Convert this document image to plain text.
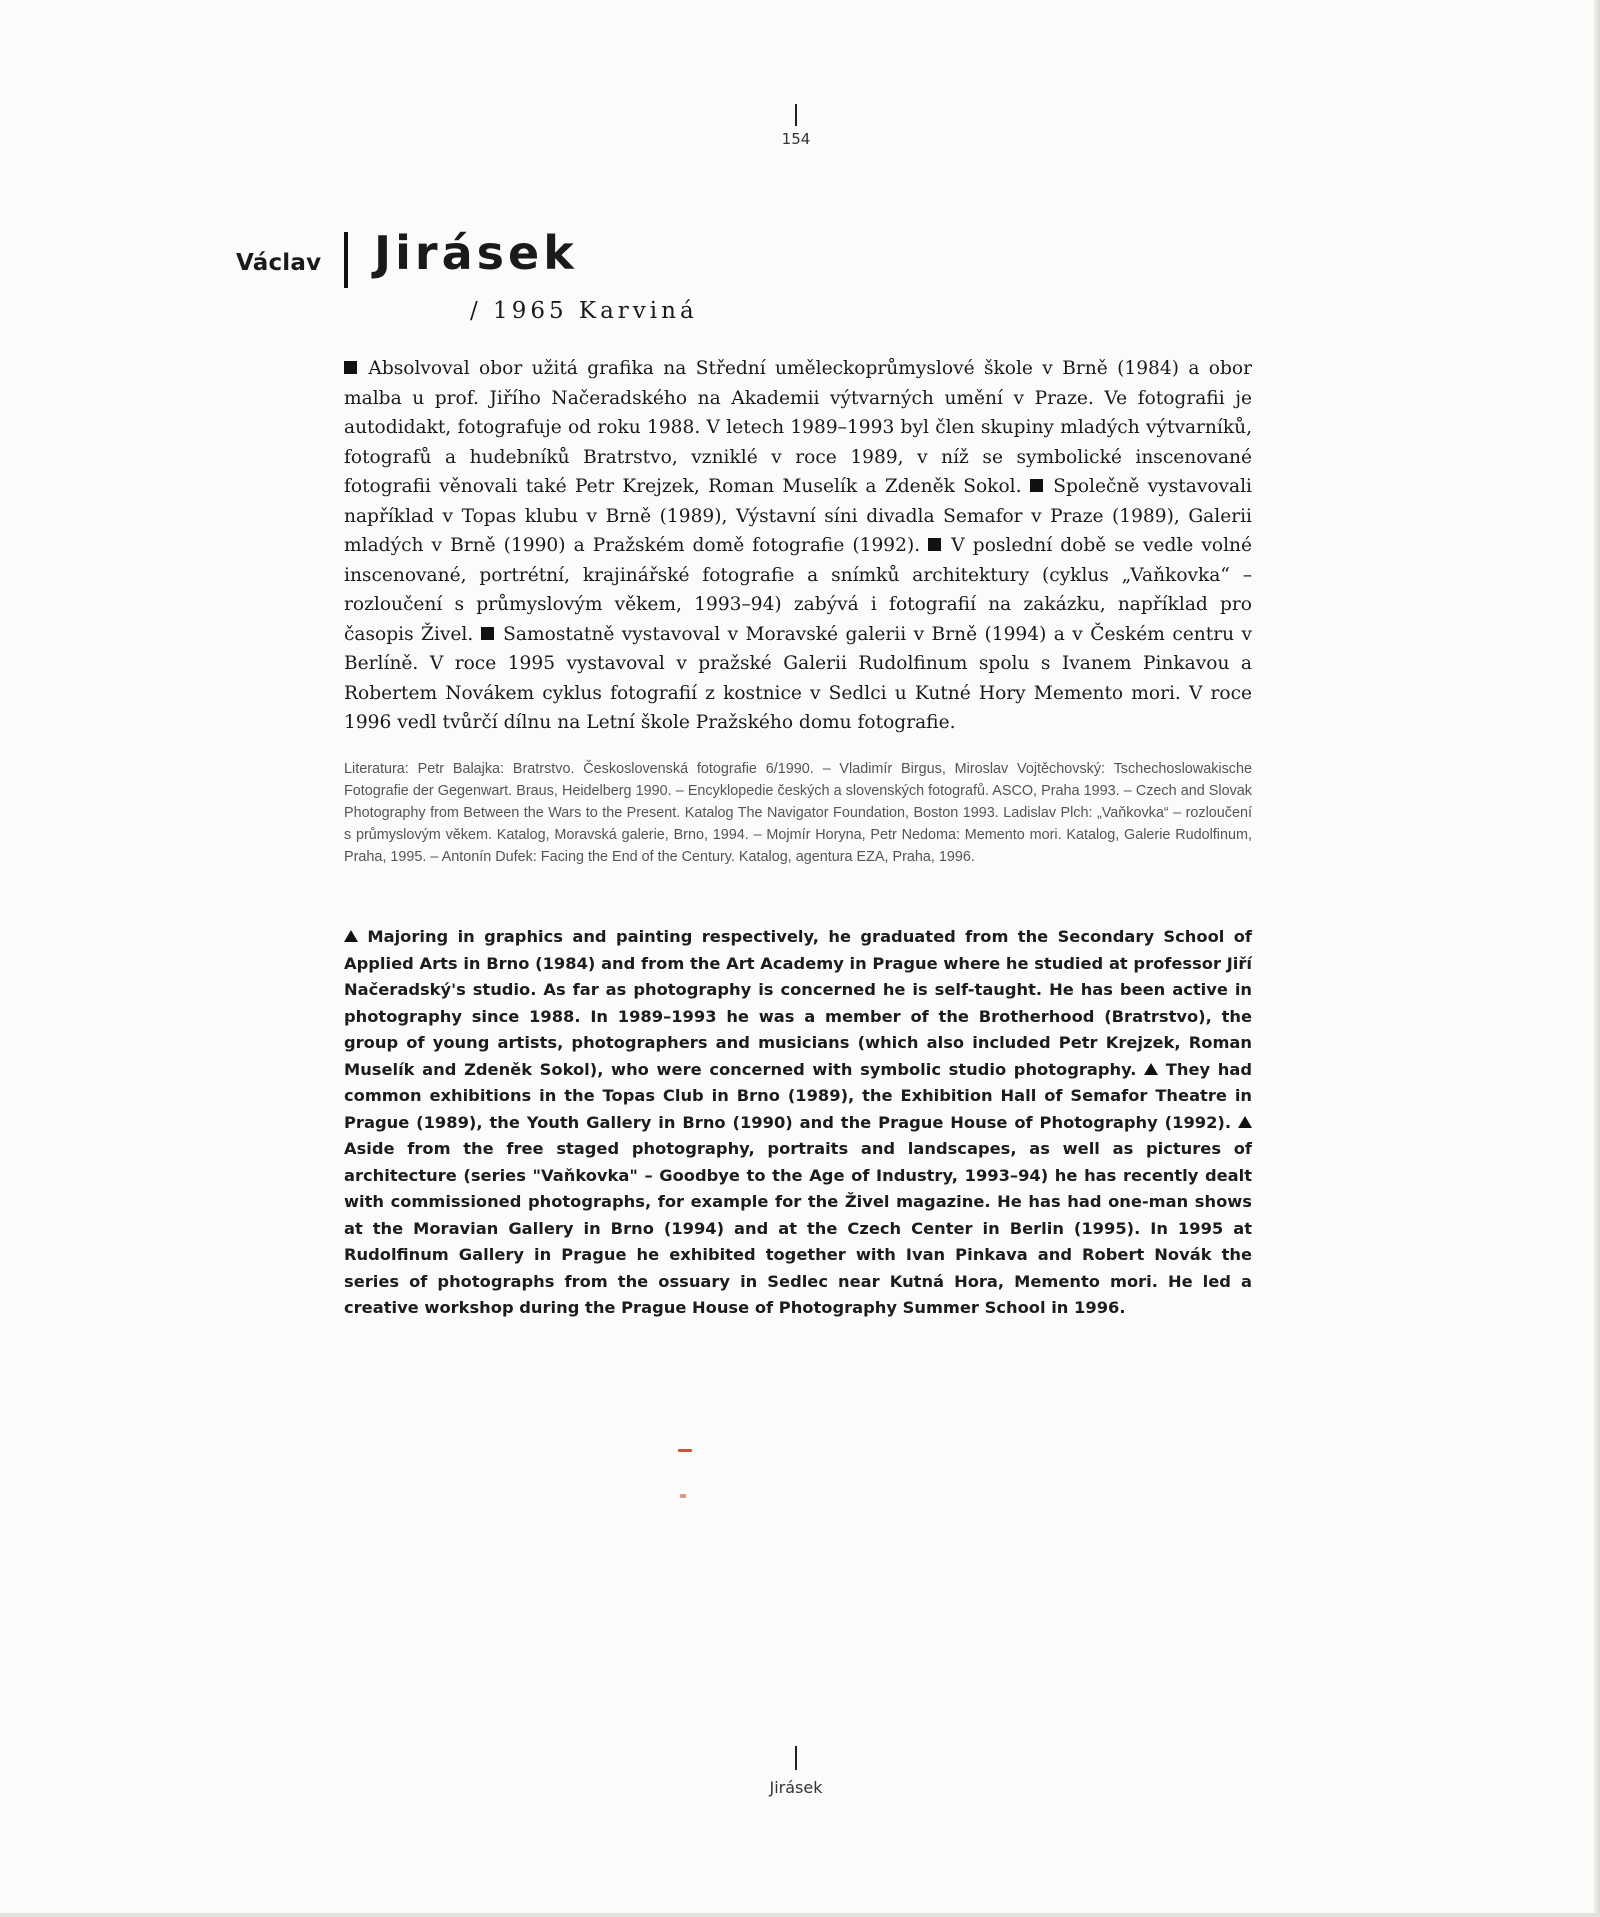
154
Václav Jirásek
/ 1965 Karviná

Absolvoval obor užitá grafika na Střední uměleckoprůmyslové škole v Brně (1984) a obor malba u prof. Jiřího Načeradského na Akademii výtvarných umění v Praze. Ve fotografii je autodidakt, fotografuje od roku 1988. V letech 1989–1993 byl člen skupiny mladých výtvarníků, fotografů a hudebníků Bratrstvo, vzniklé v roce 1989, v níž se symbolické inscenované fotografii věnovali také Petr Krejzek, Roman Muselík a Zdeněk Sokol. Společně vystavovali například v Topas klubu v Brně (1989), Výstavní síni divadla Semafor v Praze (1989), Galerii mladých v Brně (1990) a Pražském domě fotografie (1992). V poslední době se vedle volné inscenované, portrétní, krajinářské fotografie a snímků architektury (cyklus „Vaňkovka“ – rozloučení s průmyslovým věkem, 1993–94) zabývá i fotografií na zakázku, například pro časopis Živel. Samostatně vystavoval v Moravské galerii v Brně (1994) a v Českém centru v Berlíně. V roce 1995 vystavoval v pražské Galerii Rudolfinum spolu s Ivanem Pinkavou a Robertem Novákem cyklus fotografií z kostnice v Sedlci u Kutné Hory Memento mori. V roce 1996 vedl tvůrčí dílnu na Letní škole Pražského domu fotografie.

Literatura: Petr Balajka: Bratrstvo. Československá fotografie 6/1990. – Vladimír Birgus, Miroslav Vojtěchovský: Tschechoslowakische Fotografie der Gegenwart. Braus, Heidelberg 1990. – Encyklopedie českých a slovenských fotografů. ASCO, Praha 1993. – Czech and Slovak Photography from Between the Wars to the Present. Katalog The Navigator Foundation, Boston 1993. Ladislav Plch: „Vaňkovka“ – rozloučení s průmyslovým věkem. Katalog, Moravská galerie, Brno, 1994. – Mojmír Horyna, Petr Nedoma: Memento mori. Katalog, Galerie Rudolfinum, Praha, 1995. – Antonín Dufek: Facing the End of the Century. Katalog, agentura EZA, Praha, 1996.

Majoring in graphics and painting respectively, he graduated from the Secondary School of Applied Arts in Brno (1984) and from the Art Academy in Prague where he studied at professor Jiří Načeradský's studio. As far as photography is concerned he is self-taught. He has been active in photography since 1988. In 1989–1993 he was a member of the Brotherhood (Bratrstvo), the group of young artists, photographers and musicians (which also included Petr Krejzek, Roman Muselík and Zdeněk Sokol), who were concerned with symbolic studio photography. They had common exhibitions in the Topas Club in Brno (1989), the Exhibition Hall of Semafor Theatre in Prague (1989), the Youth Gallery in Brno (1990) and the Prague House of Photography (1992).  Aside from the free staged photography, portraits and landscapes, as well as pictures of architecture (series "Vaňkovka" – Goodbye to the Age of Industry, 1993–94) he has recently dealt with commissioned photographs, for example for the Živel magazine. He has had one-man shows at the Moravian Gallery in Brno (1994) and at the Czech Center in Berlin (1995). In 1995 at Rudolfinum Gallery in Prague he exhibited together with Ivan Pinkava and Robert Novák the series of photographs from the ossuary in Sedlec near Kutná Hora, Memento mori. He led a creative workshop during the Prague House of Photography Summer School in 1996.

Jirásek
